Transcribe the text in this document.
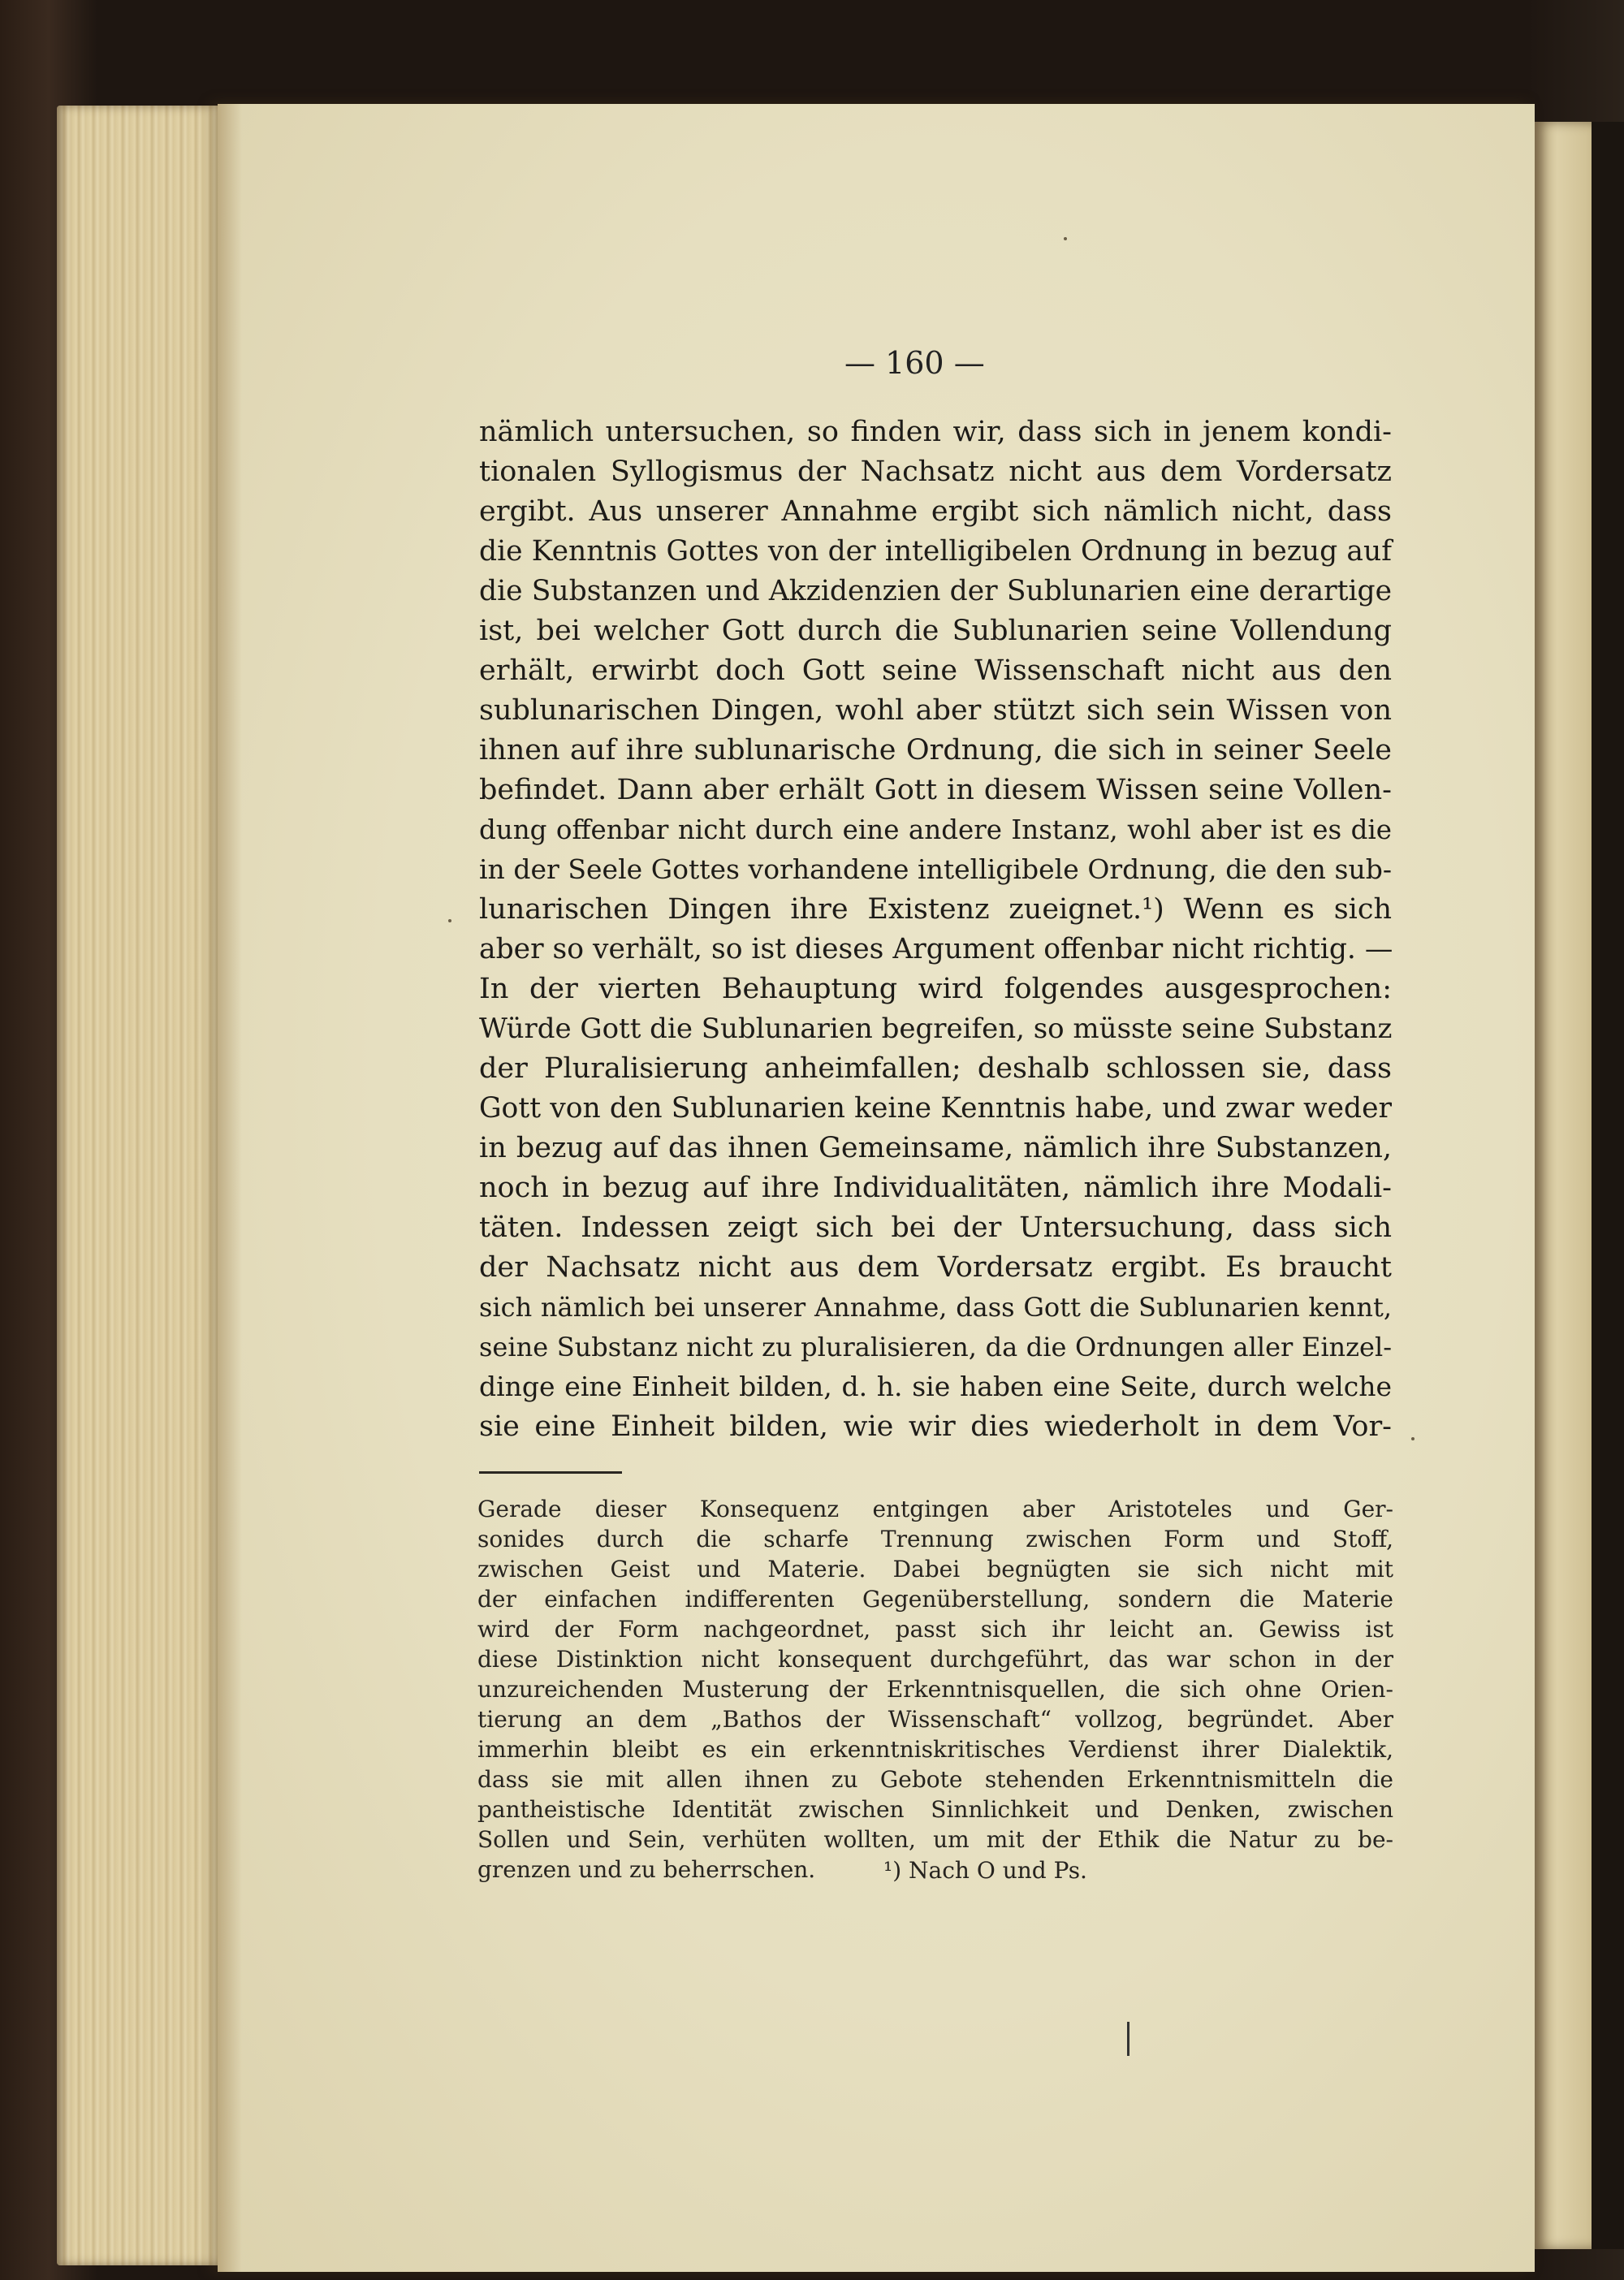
— 160 —
nämlich untersuchen, so finden wir, dass sich in jenem kondi-
tionalen Syllogismus der Nachsatz nicht aus dem Vordersatz
ergibt. Aus unserer Annahme ergibt sich nämlich nicht, dass
die Kenntnis Gottes von der intelligibelen Ordnung in bezug auf
die Substanzen und Akzidenzien der Sublunarien eine derartige
ist, bei welcher Gott durch die Sublunarien seine Vollendung
erhält, erwirbt doch Gott seine Wissenschaft nicht aus den
sublunarischen Dingen, wohl aber stützt sich sein Wissen von
ihnen auf ihre sublunarische Ordnung, die sich in seiner Seele
befindet. Dann aber erhält Gott in diesem Wissen seine Vollen-
dung offenbar nicht durch eine andere Instanz, wohl aber ist es die
in der Seele Gottes vorhandene intelligibele Ordnung, die den sub-
lunarischen Dingen ihre Existenz zueignet.¹) Wenn es sich
aber so verhält, so ist dieses Argument offenbar nicht richtig. —
In der vierten Behauptung wird folgendes ausgesprochen:
Würde Gott die Sublunarien begreifen, so müsste seine Substanz
der Pluralisierung anheimfallen; deshalb schlossen sie, dass
Gott von den Sublunarien keine Kenntnis habe, und zwar weder
in bezug auf das ihnen Gemeinsame, nämlich ihre Substanzen,
noch in bezug auf ihre Individualitäten, nämlich ihre Modali-
täten. Indessen zeigt sich bei der Untersuchung, dass sich
der Nachsatz nicht aus dem Vordersatz ergibt. Es braucht
sich nämlich bei unserer Annahme, dass Gott die Sublunarien kennt,
seine Substanz nicht zu pluralisieren, da die Ordnungen aller Einzel-
dinge eine Einheit bilden, d. h. sie haben eine Seite, durch welche
sie eine Einheit bilden, wie wir dies wiederholt in dem Vor-
Gerade dieser Konsequenz entgingen aber Aristoteles und Ger-
sonides durch die scharfe Trennung zwischen Form und Stoff,
zwischen Geist und Materie. Dabei begnügten sie sich nicht mit
der einfachen indifferenten Gegenüberstellung, sondern die Materie
wird der Form nachgeordnet, passt sich ihr leicht an. Gewiss ist
diese Distinktion nicht konsequent durchgeführt, das war schon in der
unzureichenden Musterung der Erkenntnisquellen, die sich ohne Orien-
tierung an dem „Bathos der Wissenschaft“ vollzog, begründet. Aber
immerhin bleibt es ein erkenntniskritisches Verdienst ihrer Dialektik,
dass sie mit allen ihnen zu Gebote stehenden Erkenntnismitteln die
pantheistische Identität zwischen Sinnlichkeit und Denken, zwischen
Sollen und Sein, verhüten wollten, um mit der Ethik die Natur zu be-
grenzen und zu beherrschen.	¹) Nach O und Ps.
